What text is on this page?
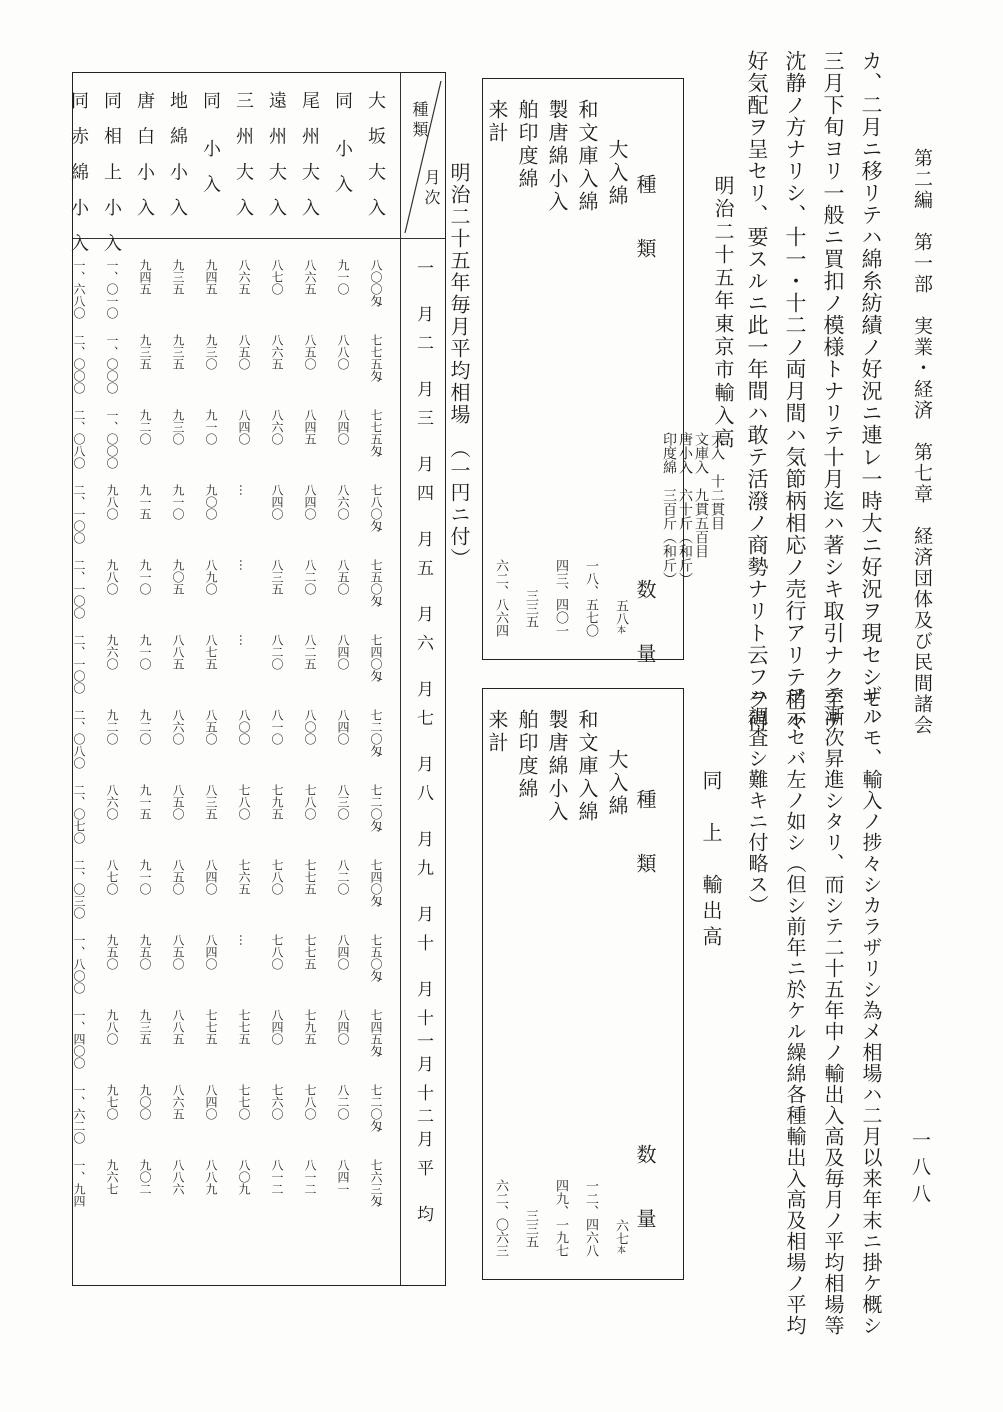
第二編　第一部　実業・経済　第七章　経済団体及び民間諸会
一八八
カ、二月ニ移リテハ綿糸紡績ノ好況ニ連レ一時大ニ好況ヲ現セシモ、
三月下旬ヨリ一般ニ買扣ノ模様トナリテ十月迄ハ著シキ取引ナク至テ
沈静ノ方ナリシ、十一・十二ノ両月間ハ気節柄相応ノ売行アリテ稍々
好気配ヲ呈セリ、要スルニ此一年間ハ敢テ活潑ノ商勢ナリト云フヲ得
ザルモ、輸入ノ捗々シカラザリシ為メ相場ハ二月以来年末ニ掛ケ概シ
テ漸次昇進シタリ、而シテ二十五年中ノ輸出入高及毎月ノ平均相場等
ヲ示セバ左ノ如シ（但シ前年ニ於ケル繰綿各種輸出入高及相場ノ平均
ハ調査シ難キニ付略ス）
明治二十五年東京市輸入高
種　類
数　量
大入綿
和文庫入綿
製唐綿小入
舶印度綿
来計
五八本
一八、五七〇
四三、四〇一
三三五
六二、八六四
大入　十二貫目
文庫入　九貫五百目
唐小入　六十斤（和斤）
印度綿　三百斤（和斤）
同　上　輸出高
種　類
数　量
大入綿
和文庫入綿
製唐綿小入
舶印度綿
来計
六七本
一二、四六八
四九、一九七
三三五
六二、〇六三
明治二十五年毎月平均相場　（一円ニ付）
種類
月次
一　月
二　月
三　月
四　月
五　月
六　月
七　月
八　月
九　月
十　月
十一月
十二月
平　均
大 坂 大 入
八〇〇匁
七七五匁
七七五匁
七八〇匁
七五〇匁
七四〇匁
七二〇匁
七二〇匁
七四〇匁
七五〇匁
七四五匁
七二〇匁
七六三匁
同　小 入
九一〇
八八〇
八四〇
八六〇
八五〇
八四〇
八四〇
八三〇
八二〇
八四〇
八四〇
八二〇
八四一
尾 州 大 入
八六五
八五〇
八四五
八四〇
八二〇
八二五
八〇〇
七八〇
七七五
七七五
七九五
七八〇
八一二
遠 州 大 入
八七〇
八六五
八六〇
八四〇
八三五
八二〇
八一〇
七九五
七八〇
七八〇
八四〇
七六〇
八一二
三 州 大 入
八六五
八五〇
八四〇
…
…
…
八〇〇
七八〇
七六五
…
七七五
七七〇
八〇九
同　小 入
九四五
九三〇
九一〇
九〇〇
八九〇
八七五
八五〇
八三五
八四〇
八四〇
七七五
八四〇
八八九
地 綿 小 入
九三五
九三五
九三〇
九一〇
九〇五
八八五
八六〇
八五〇
八五〇
八五〇
八八五
八六五
八八六
唐 白 小 入
九四五
九三五
九二〇
九一五
九一〇
九一〇
九二〇
九一五
九一〇
九五〇
九三五
九〇〇
九〇二
同 相 上 小 入
一、〇一〇
一、〇〇〇
一、〇〇〇
九八〇
九八〇
九六〇
九二〇
八六〇
八七〇
九五〇
九八〇
九七〇
九六七
同 赤 綿 小 入
一、六八〇
二、〇〇〇
二、〇八〇
二、一〇〇
二、一〇〇
二、一〇〇
二、〇八〇
二、〇七〇
二、〇三〇
一、八〇〇
一、四〇〇
一、六二〇
一、九四
